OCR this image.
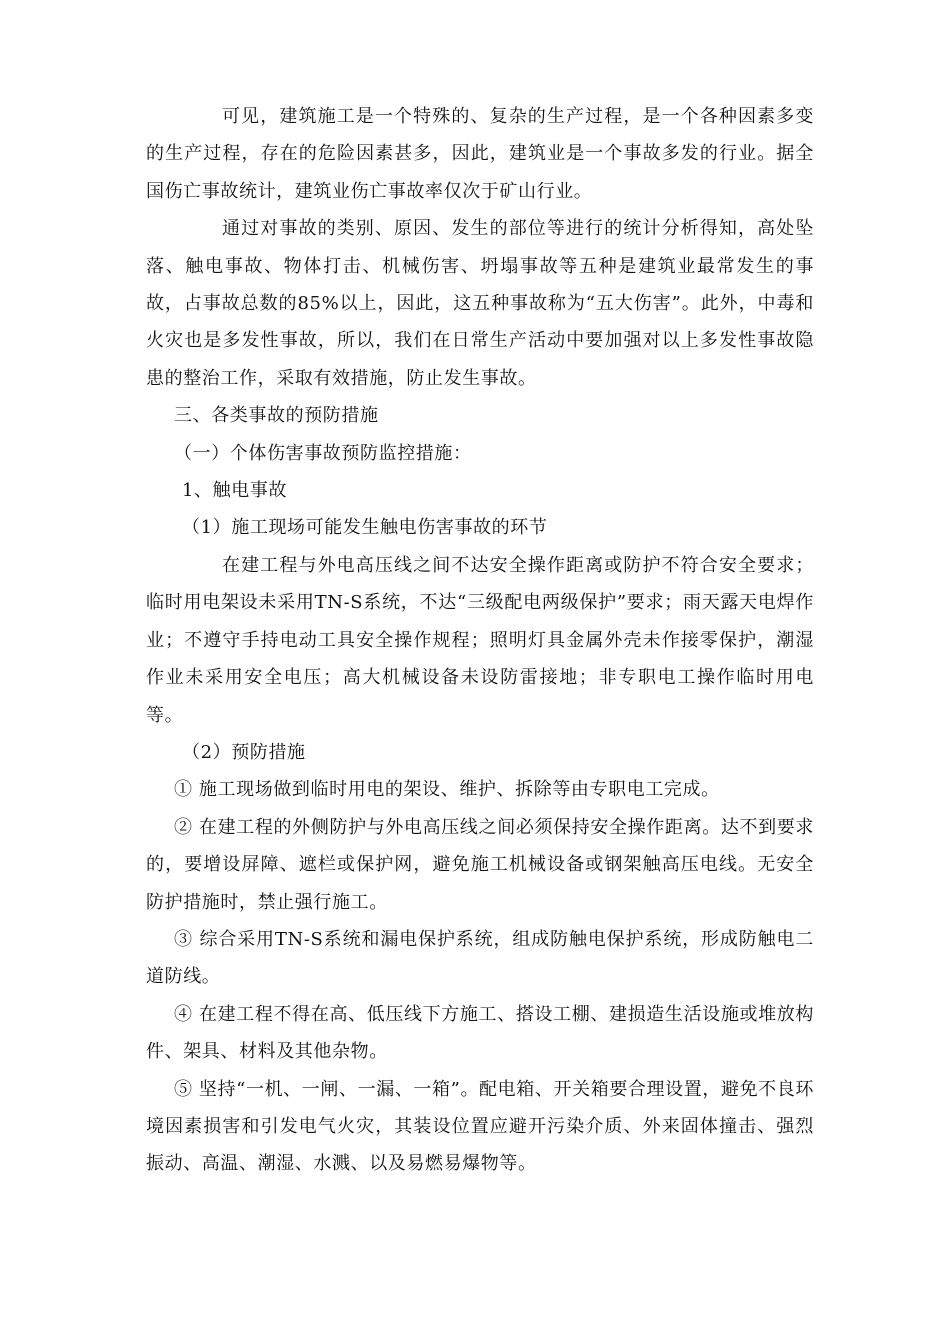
可见，建筑施工是一个特殊的、复杂的生产过程，是一个各种因素多变的生产过程，存在的危险因素甚多，因此，建筑业是一个事故多发的行业。据全国伤亡事故统计，建筑业伤亡事故率仅次于矿山行业。

通过对事故的类别、原因、发生的部位等进行的统计分析得知，高处坠落、触电事故、物体打击、机械伤害、坍塌事故等五种是建筑业最常发生的事故，占事故总数的85%以上，因此，这五种事故称为“五大伤害”。此外，中毒和火灾也是多发性事故，所以，我们在日常生产活动中要加强对以上多发性事故隐患的整治工作，采取有效措施，防止发生事故。

三、各类事故的预防措施

（一）个体伤害事故预防监控措施：

1、触电事故

（1）施工现场可能发生触电伤害事故的环节

在建工程与外电高压线之间不达安全操作距离或防护不符合安全要求；临时用电架设未采用TN-S系统，不达“三级配电两级保护”要求；雨天露天电焊作业；不遵守手持电动工具安全操作规程；照明灯具金属外壳未作接零保护，潮湿作业未采用安全电压；高大机械设备未设防雷接地；非专职电工操作临时用电等。

（2）预防措施

① 施工现场做到临时用电的架设、维护、拆除等由专职电工完成。

② 在建工程的外侧防护与外电高压线之间必须保持安全操作距离。达不到要求的，要增设屏障、遮栏或保护网，避免施工机械设备或钢架触高压电线。无安全防护措施时，禁止强行施工。

③ 综合采用TN-S系统和漏电保护系统，组成防触电保护系统，形成防触电二道防线。

④ 在建工程不得在高、低压线下方施工、搭设工棚、建损造生活设施或堆放构件、架具、材料及其他杂物。

⑤ 坚持“一机、一闸、一漏、一箱”。配电箱、开关箱要合理设置，避免不良环境因素损害和引发电气火灾，其装设位置应避开污染介质、外来固体撞击、强烈振动、高温、潮湿、水溅、以及易燃易爆物等。
